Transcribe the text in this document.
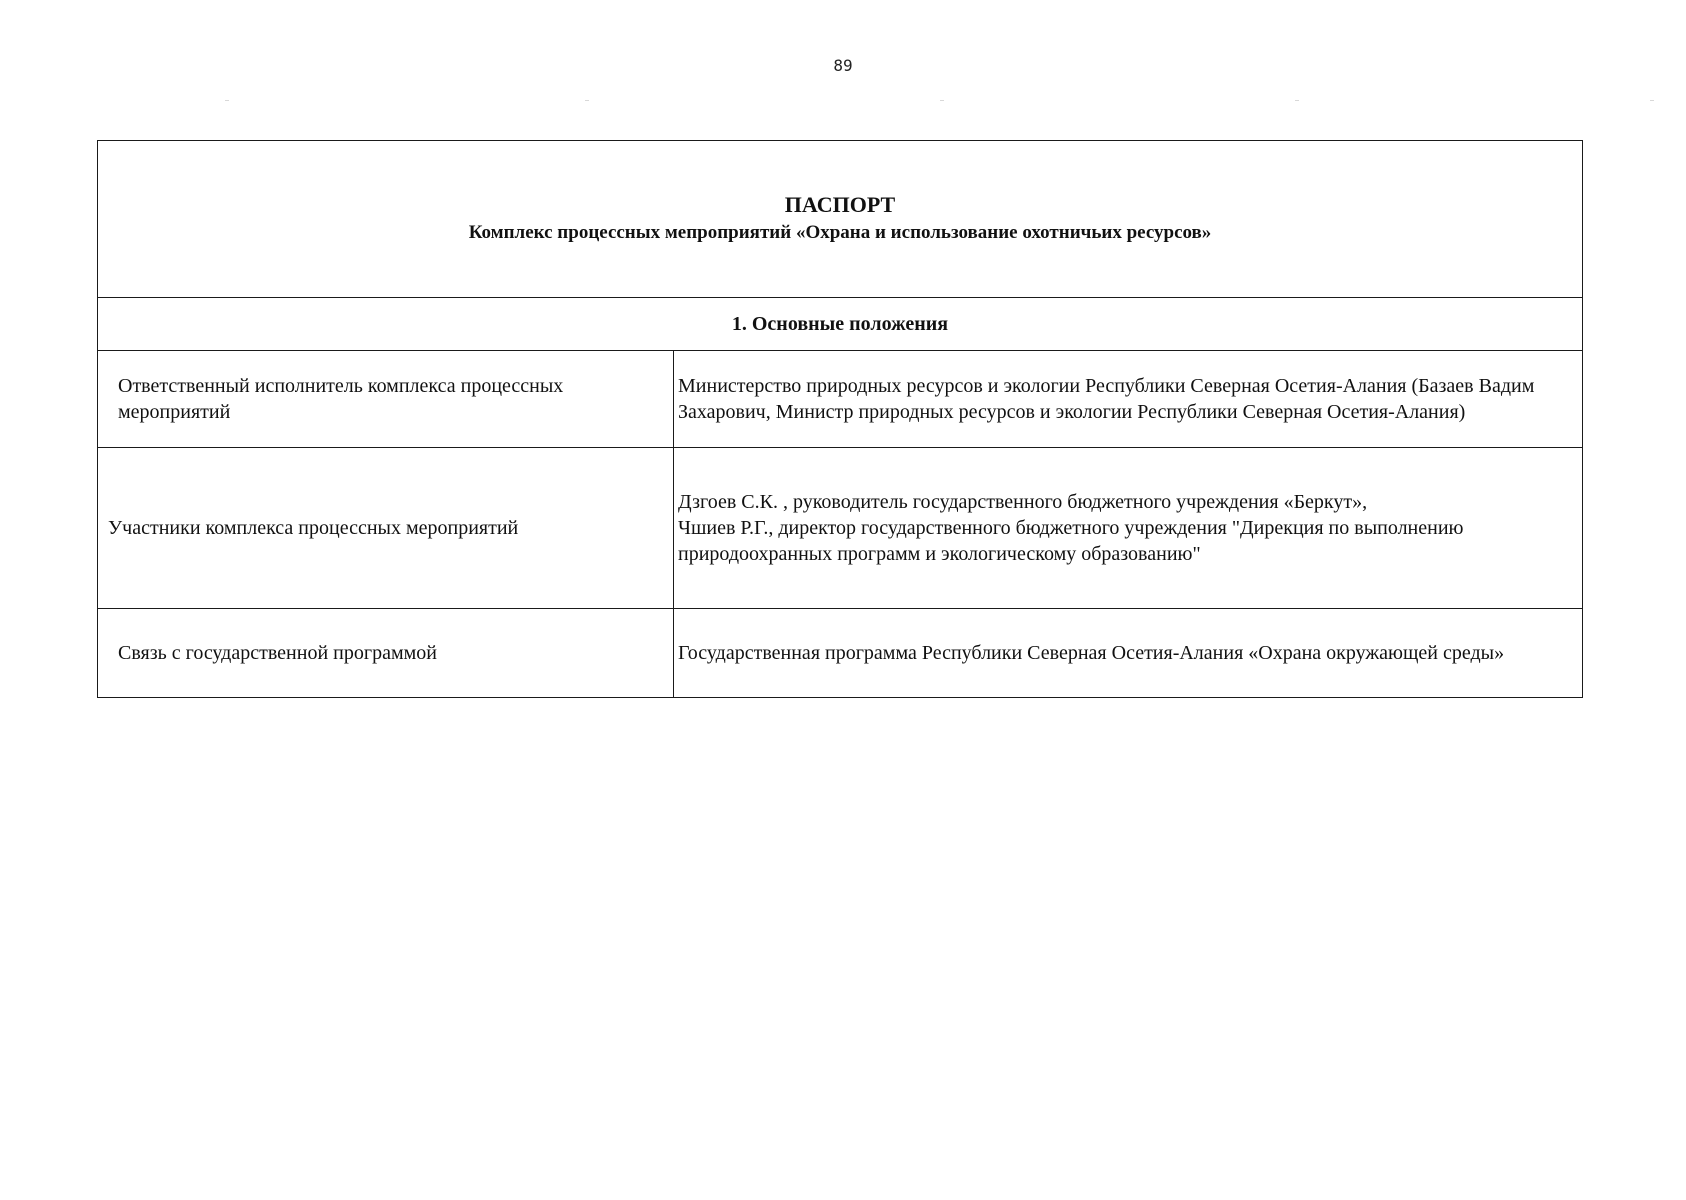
89
ПАСПОРТ
Комплекс процессных мепроприятий «Охрана и использование охотничьих ресурсов»	

1. Основные положения	
Ответственный исполнитель комплекса процессных мероприятий	Министерство природных ресурсов и экологии Республики Северная Осетия-Алания (Базаев Вадим Захарович, Министр природных ресурсов и экологии Республики Северная Осетия-Алания)
Участники комплекса процессных мероприятий	Дзгоев С.К. , руководитель государственного бюджетного учреждения «Беркут»,
Чшиев Р.Г., директор государственного бюджетного учреждения "Дирекция по выполнению природоохранных программ и экологическому образованию"

Связь с государственной программой	Государственная программа Республики Северная Осетия-Алания «Охрана окружающей среды»
